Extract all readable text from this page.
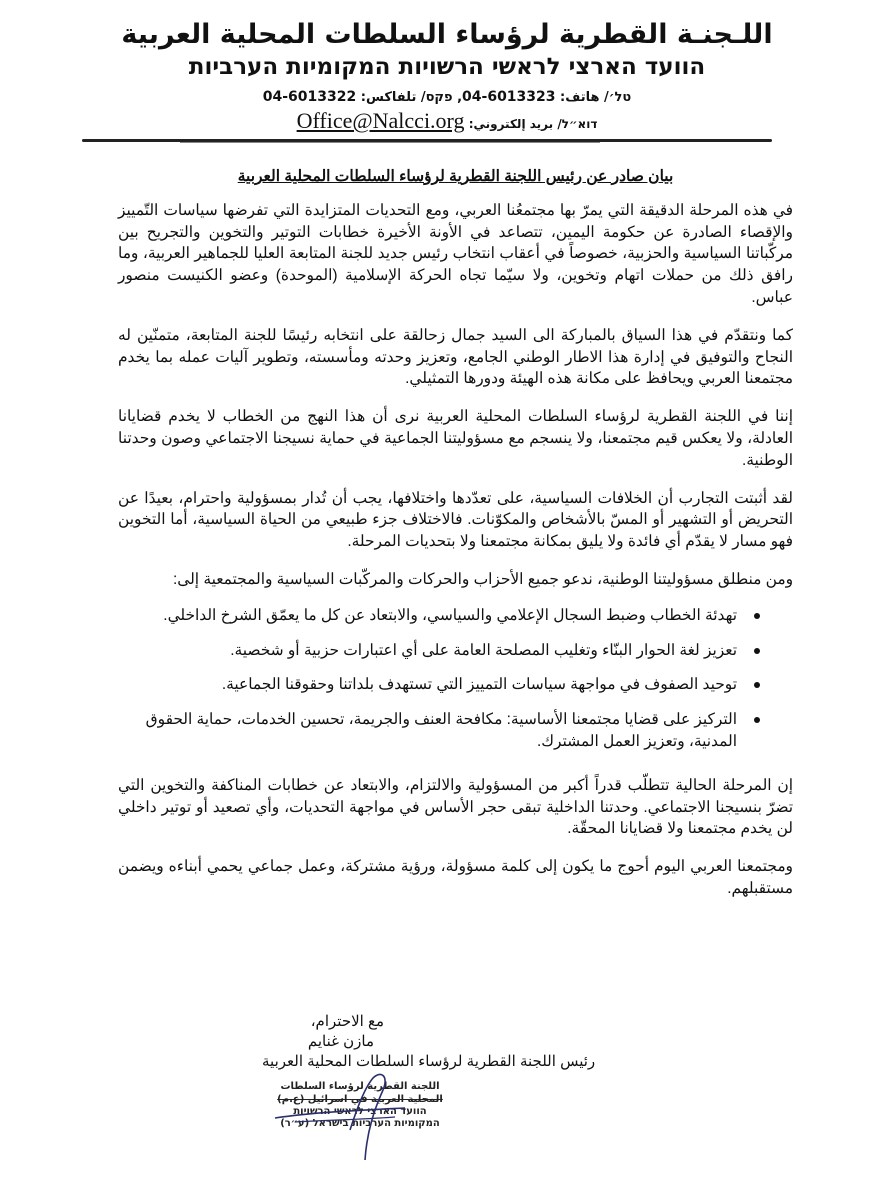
اللـجنـة القطرية لرؤساء السلطات المحلية العربية
הוועד הארצי לראשי הרשויות המקומיות הערביות
טל׳/ هاتف: 04-6013323, פקס/ تلفاكس: 04-6013322
דוא״ל/ بريد إلكتروني: Office@Nalcci.org
بيان صادر عن رئيس اللجنة القطرية لرؤساء السلطات المحلية العربية

في هذه المرحلة الدقيقة التي يمرّ بها مجتمعُنا العربي، ومع التحديات المتزايدة التي تفرضها سياسات التّمييز والإقصاء الصادرة عن حكومة اليمين، تتصاعد في الأونة الأخيرة خطابات التوتير والتخوين والتجريح بين مركّباتنا السياسية والحزبية، خصوصاً في أعقاب انتخاب رئيس جديد للجنة المتابعة العليا للجماهير العربية، وما رافق ذلك من حملات اتهام وتخوين، ولا سيّما تجاه الحركة الإسلامية (الموحدة) وعضو الكنيست منصور عباس.

كما ونتقدّم في هذا السياق بالمباركة الى السيد جمال زحالقة على انتخابه رئيسًا للجنة المتابعة، متمنّين له النجاح والتوفيق في إدارة هذا الاطار الوطني الجامع، وتعزيز وحدته ومأسسته، وتطوير آليات عمله بما يخدم مجتمعنا العربي ويحافظ على مكانة هذه الهيئة ودورها التمثيلي.

إننا في اللجنة القطرية لرؤساء السلطات المحلية العربية نرى أن هذا النهج من الخطاب لا يخدم قضايانا العادلة، ولا يعكس قيم مجتمعنا، ولا ينسجم مع مسؤوليتنا الجماعية في حماية نسيجنا الاجتماعي وصون وحدتنا الوطنية.

لقد أثبتت التجارب أن الخلافات السياسية، على تعدّدها واختلافها، يجب أن تُدار بمسؤولية واحترام، بعيدًا عن التحريض أو التشهير أو المسّ بالأشخاص والمكوّنات. فالاختلاف جزء طبيعي من الحياة السياسية، أما التخوين فهو مسار لا يقدّم أي فائدة ولا يليق بمكانة مجتمعنا ولا بتحديات المرحلة.

ومن منطلق مسؤوليتنا الوطنية، ندعو جميع الأحزاب والحركات والمركّبات السياسية والمجتمعية إلى:

تهدئة الخطاب وضبط السجال الإعلامي والسياسي، والابتعاد عن كل ما يعمّق الشرخ الداخلي.
تعزيز لغة الحوار البنّاء وتغليب المصلحة العامة على أي اعتبارات حزبية أو شخصية.
توحيد الصفوف في مواجهة سياسات التمييز التي تستهدف بلداتنا وحقوقنا الجماعية.
التركيز على قضايا مجتمعنا الأساسية: مكافحة العنف والجريمة، تحسين الخدمات، حماية الحقوق المدنية، وتعزيز العمل المشترك.

إن المرحلة الحالية تتطلّب قدراً أكبر من المسؤولية والالتزام، والابتعاد عن خطابات المناكفة والتخوين التي تضرّ بنسيجنا الاجتماعي. وحدتنا الداخلية تبقى حجر الأساس في مواجهة التحديات، وأي تصعيد أو توتير داخلي لن يخدم مجتمعنا ولا قضايانا المحقّة.

ومجتمعنا العربي اليوم أحوج ما يكون إلى كلمة مسؤولة، ورؤية مشتركة، وعمل جماعي يحمي أبناءه ويضمن مستقبلهم.

مع الاحترام،
مازن غنايم
رئيس اللجنة القطرية لرؤساء السلطات المحلية العربية
اللجنة القطرية لرؤساء السلطات
المحلية العربية في اسرائيل (ع.م)
הוועד הארצי לראשי הרשויות
המקומיות הערביות בישראל (ע״ר)
